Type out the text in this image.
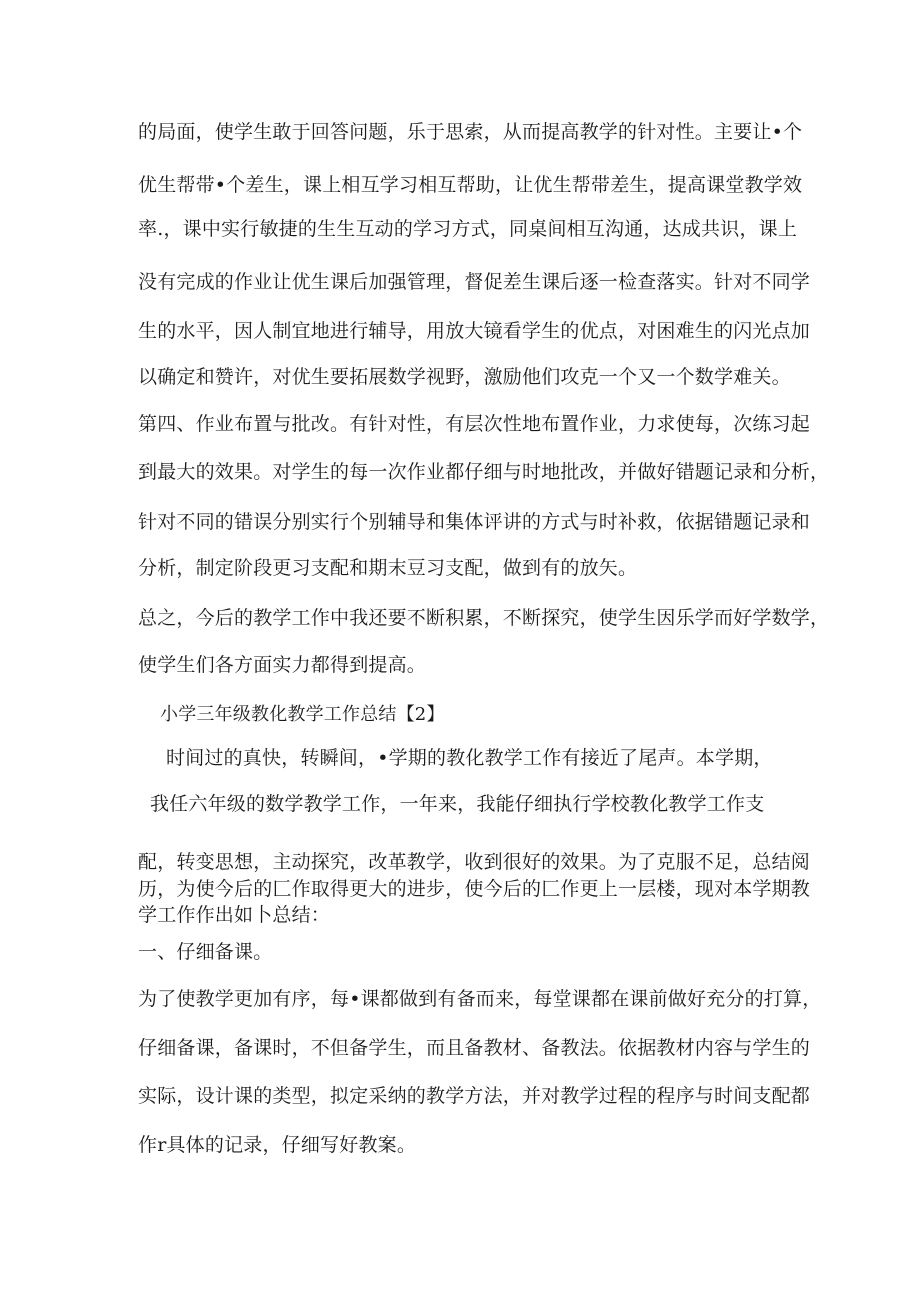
的局面，使学生敢于回答问题，乐于思索，从而提高教学的针对性。主要让•个
优生帮带•个差生，课上相互学习相互帮助，让优生帮带差生，提高课堂教学效
率.，课中实行敏捷的生生互动的学习方式，同桌间相互沟通，达成共识，课上
没有完成的作业让优生课后加强管理，督促差生课后逐一检查落实。针对不同学
生的水平，因人制宜地进行辅导，用放大镜看学生的优点，对困难生的闪光点加
以确定和赞许，对优生要拓展数学视野，激励他们攻克一个又一个数学难关。
第四、作业布置与批改。有针对性，有层次性地布置作业，力求使每，次练习起
到最大的效果。对学生的每一次作业都仔细与时地批改，并做好错题记录和分析，
针对不同的错误分别实行个别辅导和集体评讲的方式与时补救，依据错题记录和
分析，制定阶段更习支配和期末豆习支配，做到有的放矢。
总之，今后的教学工作中我还要不断积累，不断探究，使学生因乐学而好学数学，
使学生们各方面实力都得到提高。
小学三年级教化教学工作总结【2】
时间过的真快，转瞬间，•学期的教化教学工作有接近了尾声。本学期，
我任六年级的数学教学工作，一年来，我能仔细执行学校教化教学工作支
配，转变思想，主动探究，改革教学，收到很好的效果。为了克服不足，总结阅
历，为使今后的匚作取得更大的进步，使今后的匚作更上一层楼，现对本学期教
学工作作出如卜总结：
一、仔细备课。
为了使教学更加有序，每•课都做到有备而来，每堂课都在课前做好充分的打算，
仔细备课，备课时，不但备学生，而且备教材、备教法。依据教材内容与学生的
实际，设计课的类型，拟定采纳的教学方法，并对教学过程的程序与时间支配都
作r具体的记录，仔细写好教案。
